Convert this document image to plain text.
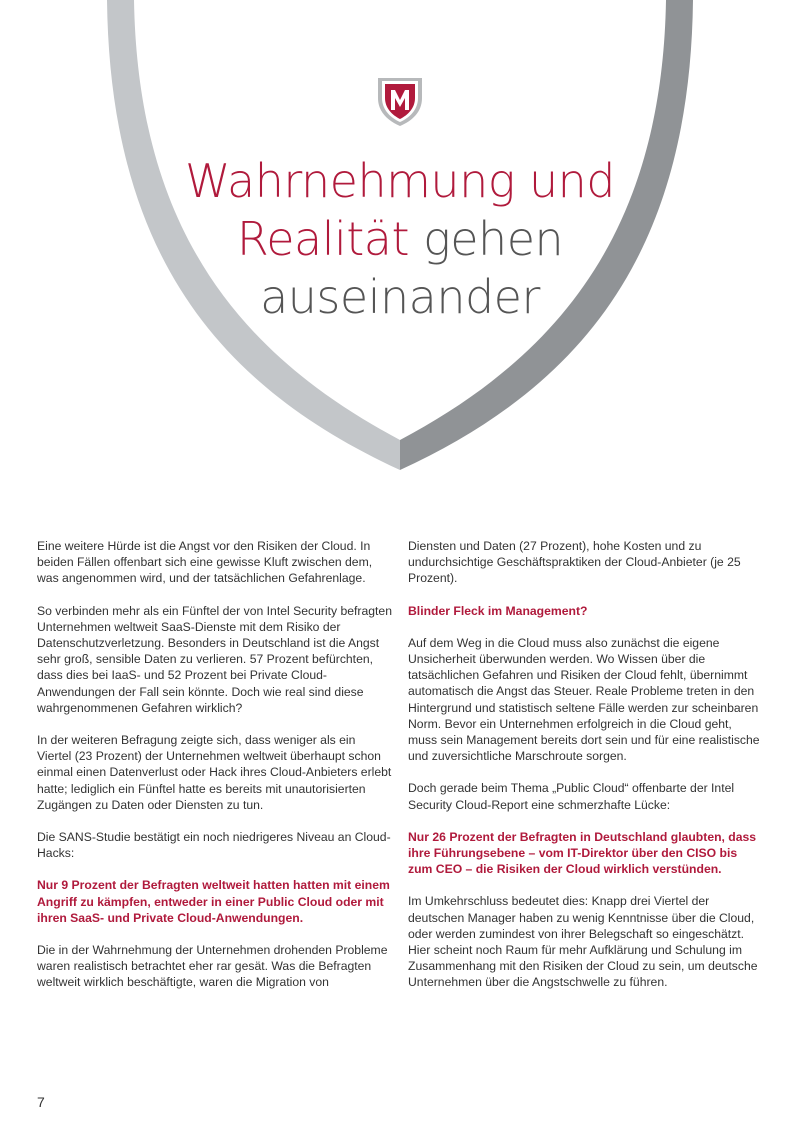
Wahrnehmung und
Realität gehen
auseinander

Eine weitere Hürde ist die Angst vor den Risiken der Cloud. In beiden Fällen offenbart sich eine gewisse Kluft zwischen dem, was angenommen wird, und der tatsächlichen Gefahrenlage.

So verbinden mehr als ein Fünftel der von Intel Security befragten Unternehmen weltweit SaaS-Dienste mit dem Risiko der Datenschutzverletzung. Besonders in Deutschland ist die Angst sehr groß, sensible Daten zu verlieren. 57 Prozent befürchten, dass dies bei IaaS- und 52 Prozent bei Private Cloud-Anwendungen der Fall sein könnte. Doch wie real sind diese wahrgenommenen Gefahren wirklich?

In der weiteren Befragung zeigte sich, dass weniger als ein Viertel (23 Prozent) der Unternehmen weltweit überhaupt schon einmal einen Datenverlust oder Hack ihres Cloud-Anbieters erlebt hatte; lediglich ein Fünftel hatte es bereits mit unautorisierten Zugängen zu Daten oder Diensten zu tun.

Die SANS-Studie bestätigt ein noch niedrigeres Niveau an Cloud-Hacks:

Nur 9 Prozent der Befragten weltweit hatten hatten mit einem Angriff zu kämpfen, entweder in einer Public Cloud oder mit ihren SaaS- und Private Cloud-Anwendungen.

Die in der Wahrnehmung der Unternehmen drohenden Probleme waren realistisch betrachtet eher rar gesät. Was die Befragten weltweit wirklich beschäftigte, waren die Migration von

Diensten und Daten (27 Prozent), hohe Kosten und zu undurchsichtige Geschäftspraktiken der Cloud-Anbieter (je 25 Prozent).

Blinder Fleck im Management?

Auf dem Weg in die Cloud muss also zunächst die eigene Unsicherheit überwunden werden. Wo Wissen über die tatsächlichen Gefahren und Risiken der Cloud fehlt, übernimmt automatisch die Angst das Steuer. Reale Probleme treten in den Hintergrund und statistisch seltene Fälle werden zur scheinbaren Norm. Bevor ein Unternehmen erfolgreich in die Cloud geht, muss sein Management bereits dort sein und für eine realistische und zuversichtliche Marschroute sorgen.

Doch gerade beim Thema „Public Cloud“ offenbarte der Intel Security Cloud-Report eine schmerzhafte Lücke:

Nur 26 Prozent der Befragten in Deutschland glaubten, dass ihre Führungsebene – vom IT-Direktor über den CISO bis zum CEO – die Risiken der Cloud wirklich verstünden.

Im Umkehrschluss bedeutet dies: Knapp drei Viertel der deutschen Manager haben zu wenig Kenntnisse über die Cloud, oder werden zumindest von ihrer Belegschaft so eingeschätzt. Hier scheint noch Raum für mehr Aufklärung und Schulung im Zusammenhang mit den Risiken der Cloud zu sein, um deutsche Unternehmen über die Angstschwelle zu führen.

7
